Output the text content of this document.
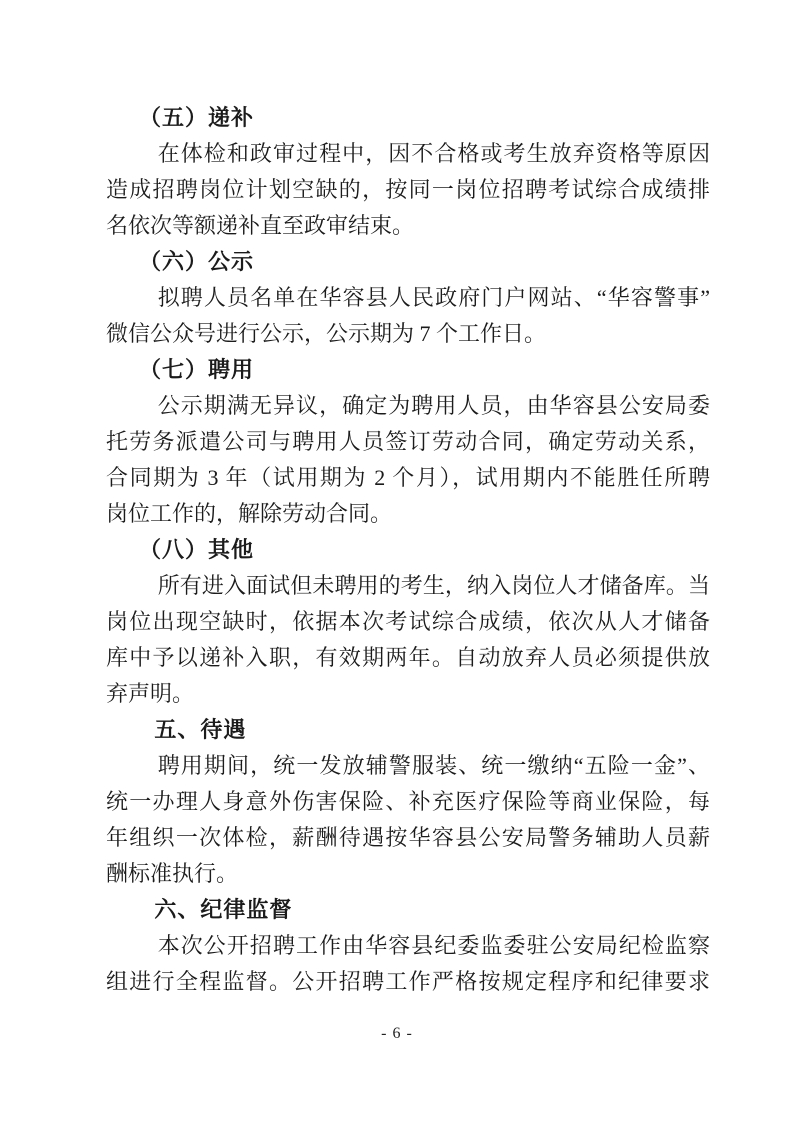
（五）递补
在体检和政审过程中，因不合格或考生放弃资格等原因
造成招聘岗位计划空缺的，按同一岗位招聘考试综合成绩排
名依次等额递补直至政审结束。
（六）公示
拟聘人员名单在华容县人民政府门户网站、“华容警事”
微信公众号进行公示，公示期为 7 个工作日。
（七）聘用
公示期满无异议，确定为聘用人员，由华容县公安局委
托劳务派遣公司与聘用人员签订劳动合同，确定劳动关系，
合同期为 3 年（试用期为 2 个月），试用期内不能胜任所聘
岗位工作的，解除劳动合同。
（八）其他
所有进入面试但未聘用的考生，纳入岗位人才储备库。当
岗位出现空缺时，依据本次考试综合成绩，依次从人才储备
库中予以递补入职，有效期两年。自动放弃人员必须提供放
弃声明。
五、待遇
聘用期间，统一发放辅警服装、统一缴纳“五险一金”、
统一办理人身意外伤害保险、补充医疗保险等商业保险，每
年组织一次体检，薪酬待遇按华容县公安局警务辅助人员薪
酬标准执行。
六、纪律监督
本次公开招聘工作由华容县纪委监委驻公安局纪检监察
组进行全程监督。公开招聘工作严格按规定程序和纪律要求
- 6 -
